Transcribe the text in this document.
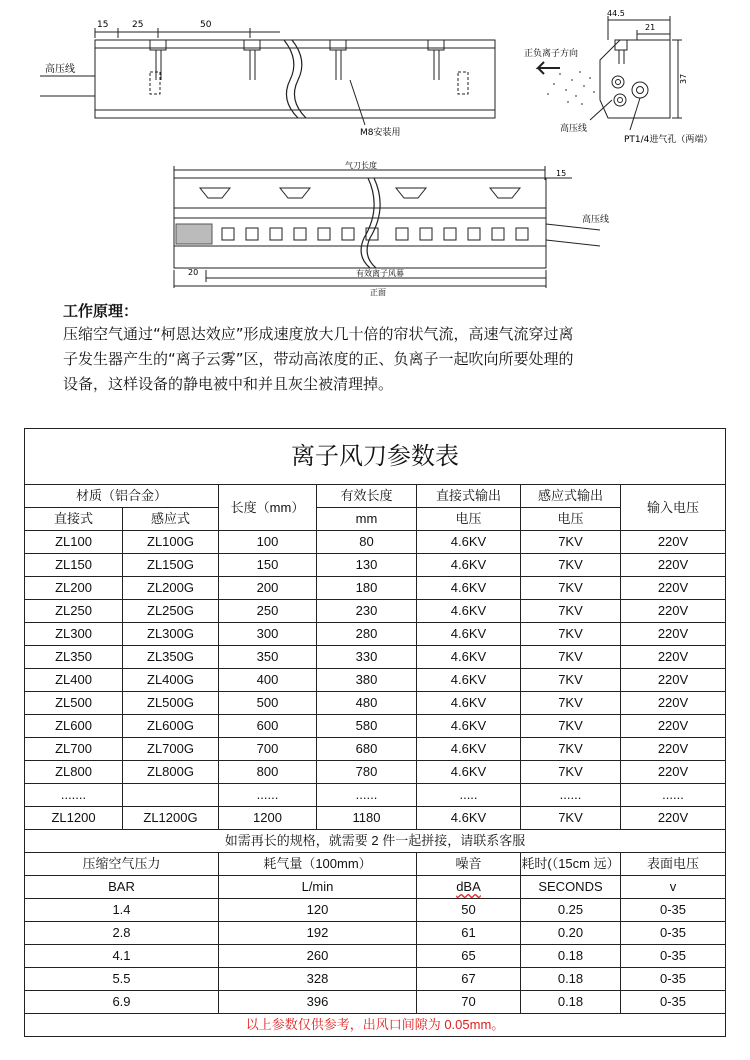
15	25	50
高压线
M8安装用
44.5
21
37
正负离子方向
高压线
PT1/4进气孔（两端）
气刀长度
15
20
高压线
有效离子风幕
正面
工作原理：
压缩空气通过“柯恩达效应”形成速度放大几十倍的帘状气流，高速气流穿过离
子发生器产生的“离子云雾”区，带动高浓度的正、负离子一起吹向所要处理的
设备，这样设备的静电被中和并且灰尘被清理掉。
离子风刀参数表						
材质（铝合金）		长度（mm）	有效长度	直接式输出	感应式输出	输入电压
直接式	感应式		mm	电压	电压	
ZL100	ZL100G	100	80	4.6KV	7KV	220V
ZL150	ZL150G	150	130	4.6KV	7KV	220V
ZL200	ZL200G	200	180	4.6KV	7KV	220V
ZL250	ZL250G	250	230	4.6KV	7KV	220V
ZL300	ZL300G	300	280	4.6KV	7KV	220V
ZL350	ZL350G	350	330	4.6KV	7KV	220V
ZL400	ZL400G	400	380	4.6KV	7KV	220V
ZL500	ZL500G	500	480	4.6KV	7KV	220V
ZL600	ZL600G	600	580	4.6KV	7KV	220V
ZL700	ZL700G	700	680	4.6KV	7KV	220V
ZL800	ZL800G	800	780	4.6KV	7KV	220V
.......		......	......	.....	......	......
ZL1200	ZL1200G	1200	1180	4.6KV	7KV	220V
如需再长的规格，就需要 2 件一起拼接，请联系客服						
压缩空气压力		耗气量（100mm）		噪音	耗时(（15cm 远）	表面电压
BAR		L/min		dBA	SECONDS	v
1.4		120		50	0.25	0-35
2.8		192		61	0.20	0-35
4.1		260		65	0.18	0-35
5.5		328		67	0.18	0-35
6.9		396		70	0.18	0-35
以上参数仅供参考，出风口间隙为 0.05mm。						
